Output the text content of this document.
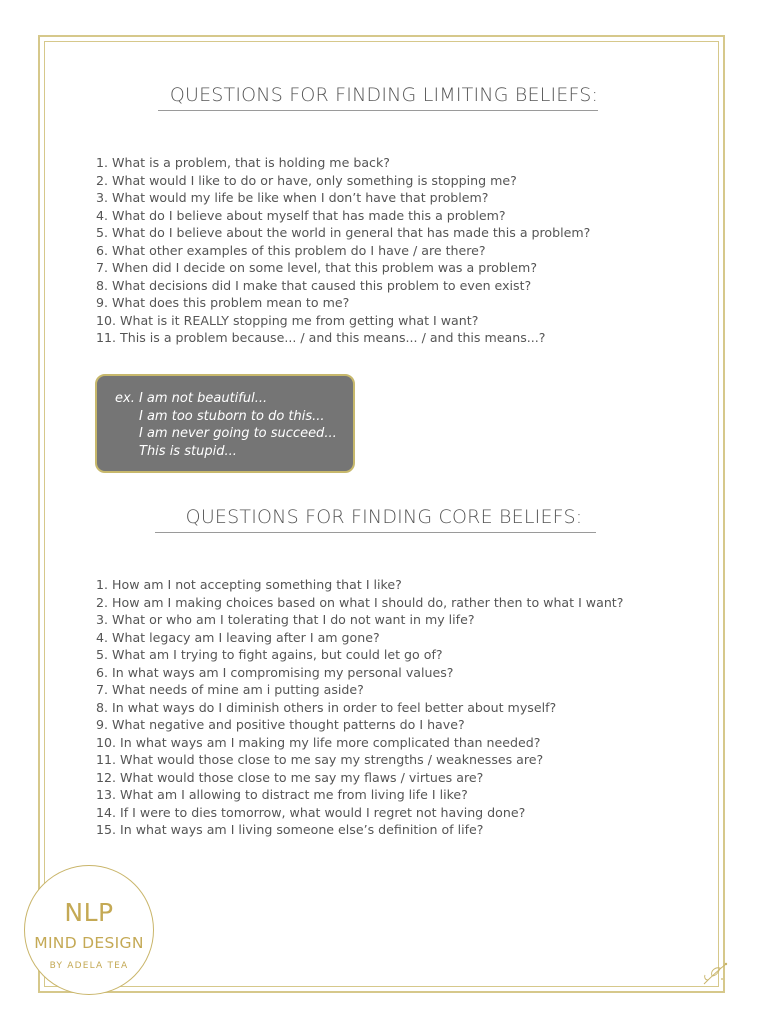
QUESTIONS FOR FINDING LIMITING BELIEFS:
1. What is a problem, that is holding me back?
2. What would I like to do or have, only something is stopping me?
3. What would my life be like when I don’t have that problem?
4. What do I believe about myself that has made this a problem?
5. What do I believe about the world in general that has made this a problem?
6. What other examples of this problem do I have / are there?
7. When did I decide on some level, that this problem was a problem?
8. What decisions did I make that caused this problem to even exist?
9. What does this problem mean to me?
10. What is it REALLY stopping me from getting what I want?
11. This is a problem because... / and this means... / and this means...?
ex. I am not beautiful...
I am too stuborn to do this...
I am never going to succeed...
This is stupid...
QUESTIONS FOR FINDING CORE BELIEFS:
1. How am I not accepting something that I like?
2. How am I making choices based on what I should do, rather then to what I want?
3. What or who am I tolerating that I do not want in my life?
4. What legacy am I leaving after I am gone?
5. What am I trying to fight agains, but could let go of?
6. In what ways am I compromising my personal values?
7. What needs of mine am i putting aside?
8. In what ways do I diminish others in order to feel better about myself?
9. What negative and positive thought patterns do I have?
10. In what ways am I making my life more complicated than needed?
11. What would those close to me say my strengths / weaknesses are?
12. What would those close to me say my flaws / virtues are?
13. What am I allowing to distract me from living life I like?
14. If I were to dies tomorrow, what would I regret not having done?
15. In what ways am I living someone else’s definition of life?
NLP
MIND DESIGN
BY ADELA TEA
